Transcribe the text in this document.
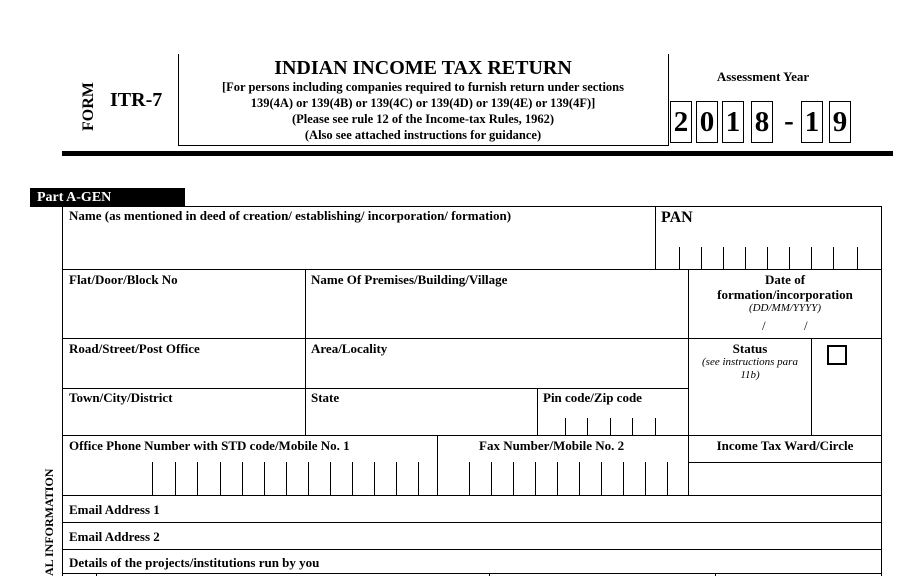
FORM ITR-7
INDIAN INCOME TAX RETURN
[For persons including companies required to furnish return under sections
139(4A) or 139(4B) or 139(4C) or 139(4D) or 139(4E) or 139(4F)]
(Please see rule 12 of the Income-tax Rules, 1962)
(Also see attached instructions for guidance)
Assessment Year
2 0 1 8 - 1 9
Part A-GEN
AL INFORMATION
Name (as mentioned in deed of creation/ establishing/ incorporation/ formation)	PAN
Flat/Door/Block No	Name Of Premises/Building/Village	Date of
formation/incorporation
(DD/MM/YYYY)
/	/
Road/Street/Post Office	Area/Locality	Status
(see instructions para
11b)
Town/City/District	State	Pin code/Zip code
Office Phone Number with STD code/Mobile No. 1	Fax Number/Mobile No. 2	Income Tax Ward/Circle
Email Address 1
Email Address 2
Details of the projects/institutions run by you
